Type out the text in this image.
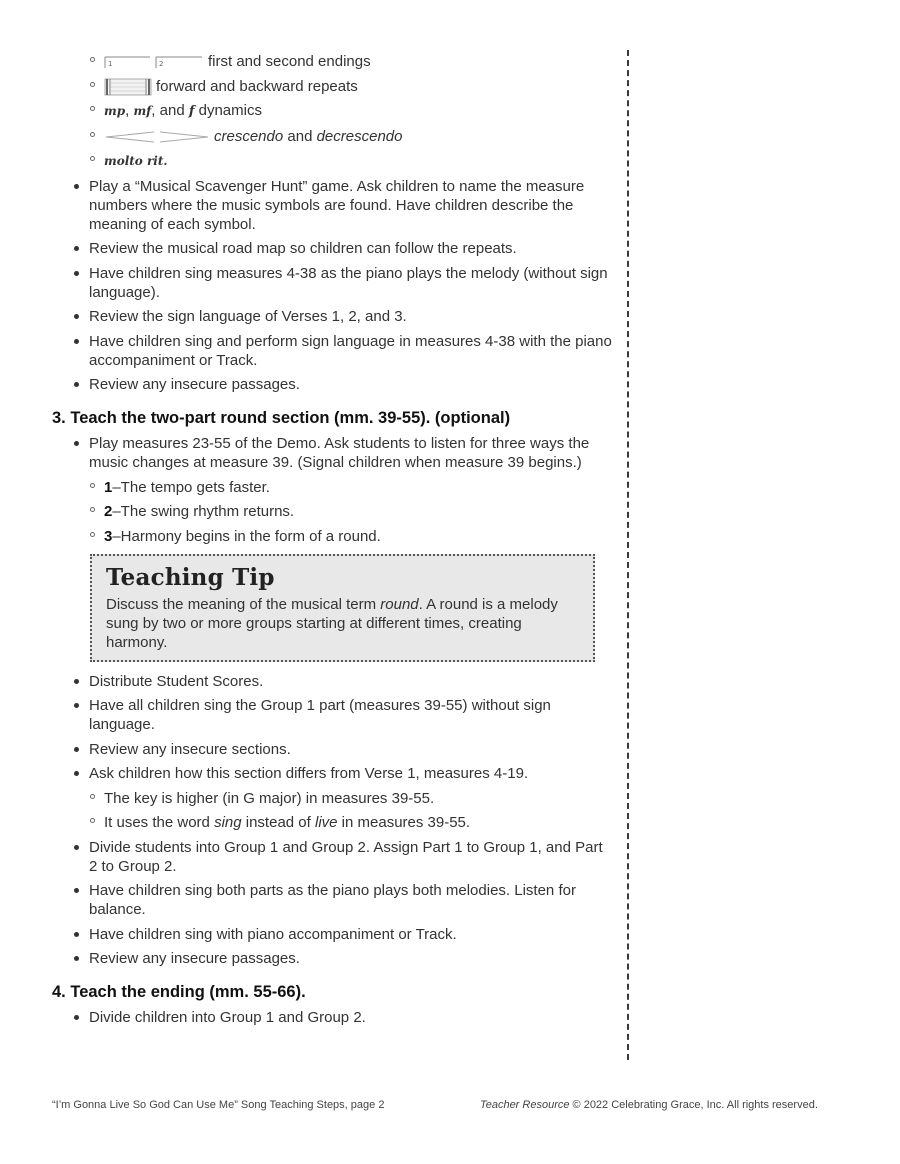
1	2	first and second endings
forward and backward repeats
mp, mf, and f dynamics
crescendo and decrescendo
molto rit.
Play a “Musical Scavenger Hunt” game. Ask children to name the measure numbers where the music symbols are found. Have children describe the meaning of each symbol.
Review the musical road map so children can follow the repeats.
Have children sing measures 4-38 as the piano plays the melody (without sign language).
Review the sign language of Verses 1, 2, and 3.
Have children sing and perform sign language in measures 4-38 with the piano accompaniment or Track.
Review any insecure passages.
3. Teach the two-part round section (mm. 39-55). (optional)
Play measures 23-55 of the Demo. Ask students to listen for three ways the music changes at measure 39. (Signal children when measure 39 begins.)
1–The tempo gets faster.
2–The swing rhythm returns.
3–Harmony begins in the form of a round.
Teaching Tip
Discuss the meaning of the musical term round. A round is a melody sung by two or more groups starting at different times, creating harmony.
Distribute Student Scores.
Have all children sing the Group 1 part (measures 39-55) without sign language.
Review any insecure sections.
Ask children how this section differs from Verse 1, measures 4-19.
The key is higher (in G major) in measures 39-55.
It uses the word sing instead of live in measures 39-55.
Divide students into Group 1 and Group 2. Assign Part 1 to Group 1, and Part 2 to Group 2.
Have children sing both parts as the piano plays both melodies. Listen for balance.
Have children sing with piano accompaniment or Track.
Review any insecure passages.
4. Teach the ending (mm. 55-66).
Divide children into Group 1 and Group 2.
“I’m Gonna Live So God Can Use Me” Song Teaching Steps, page 2	Teacher Resource © 2022 Celebrating Grace, Inc. All rights reserved.
